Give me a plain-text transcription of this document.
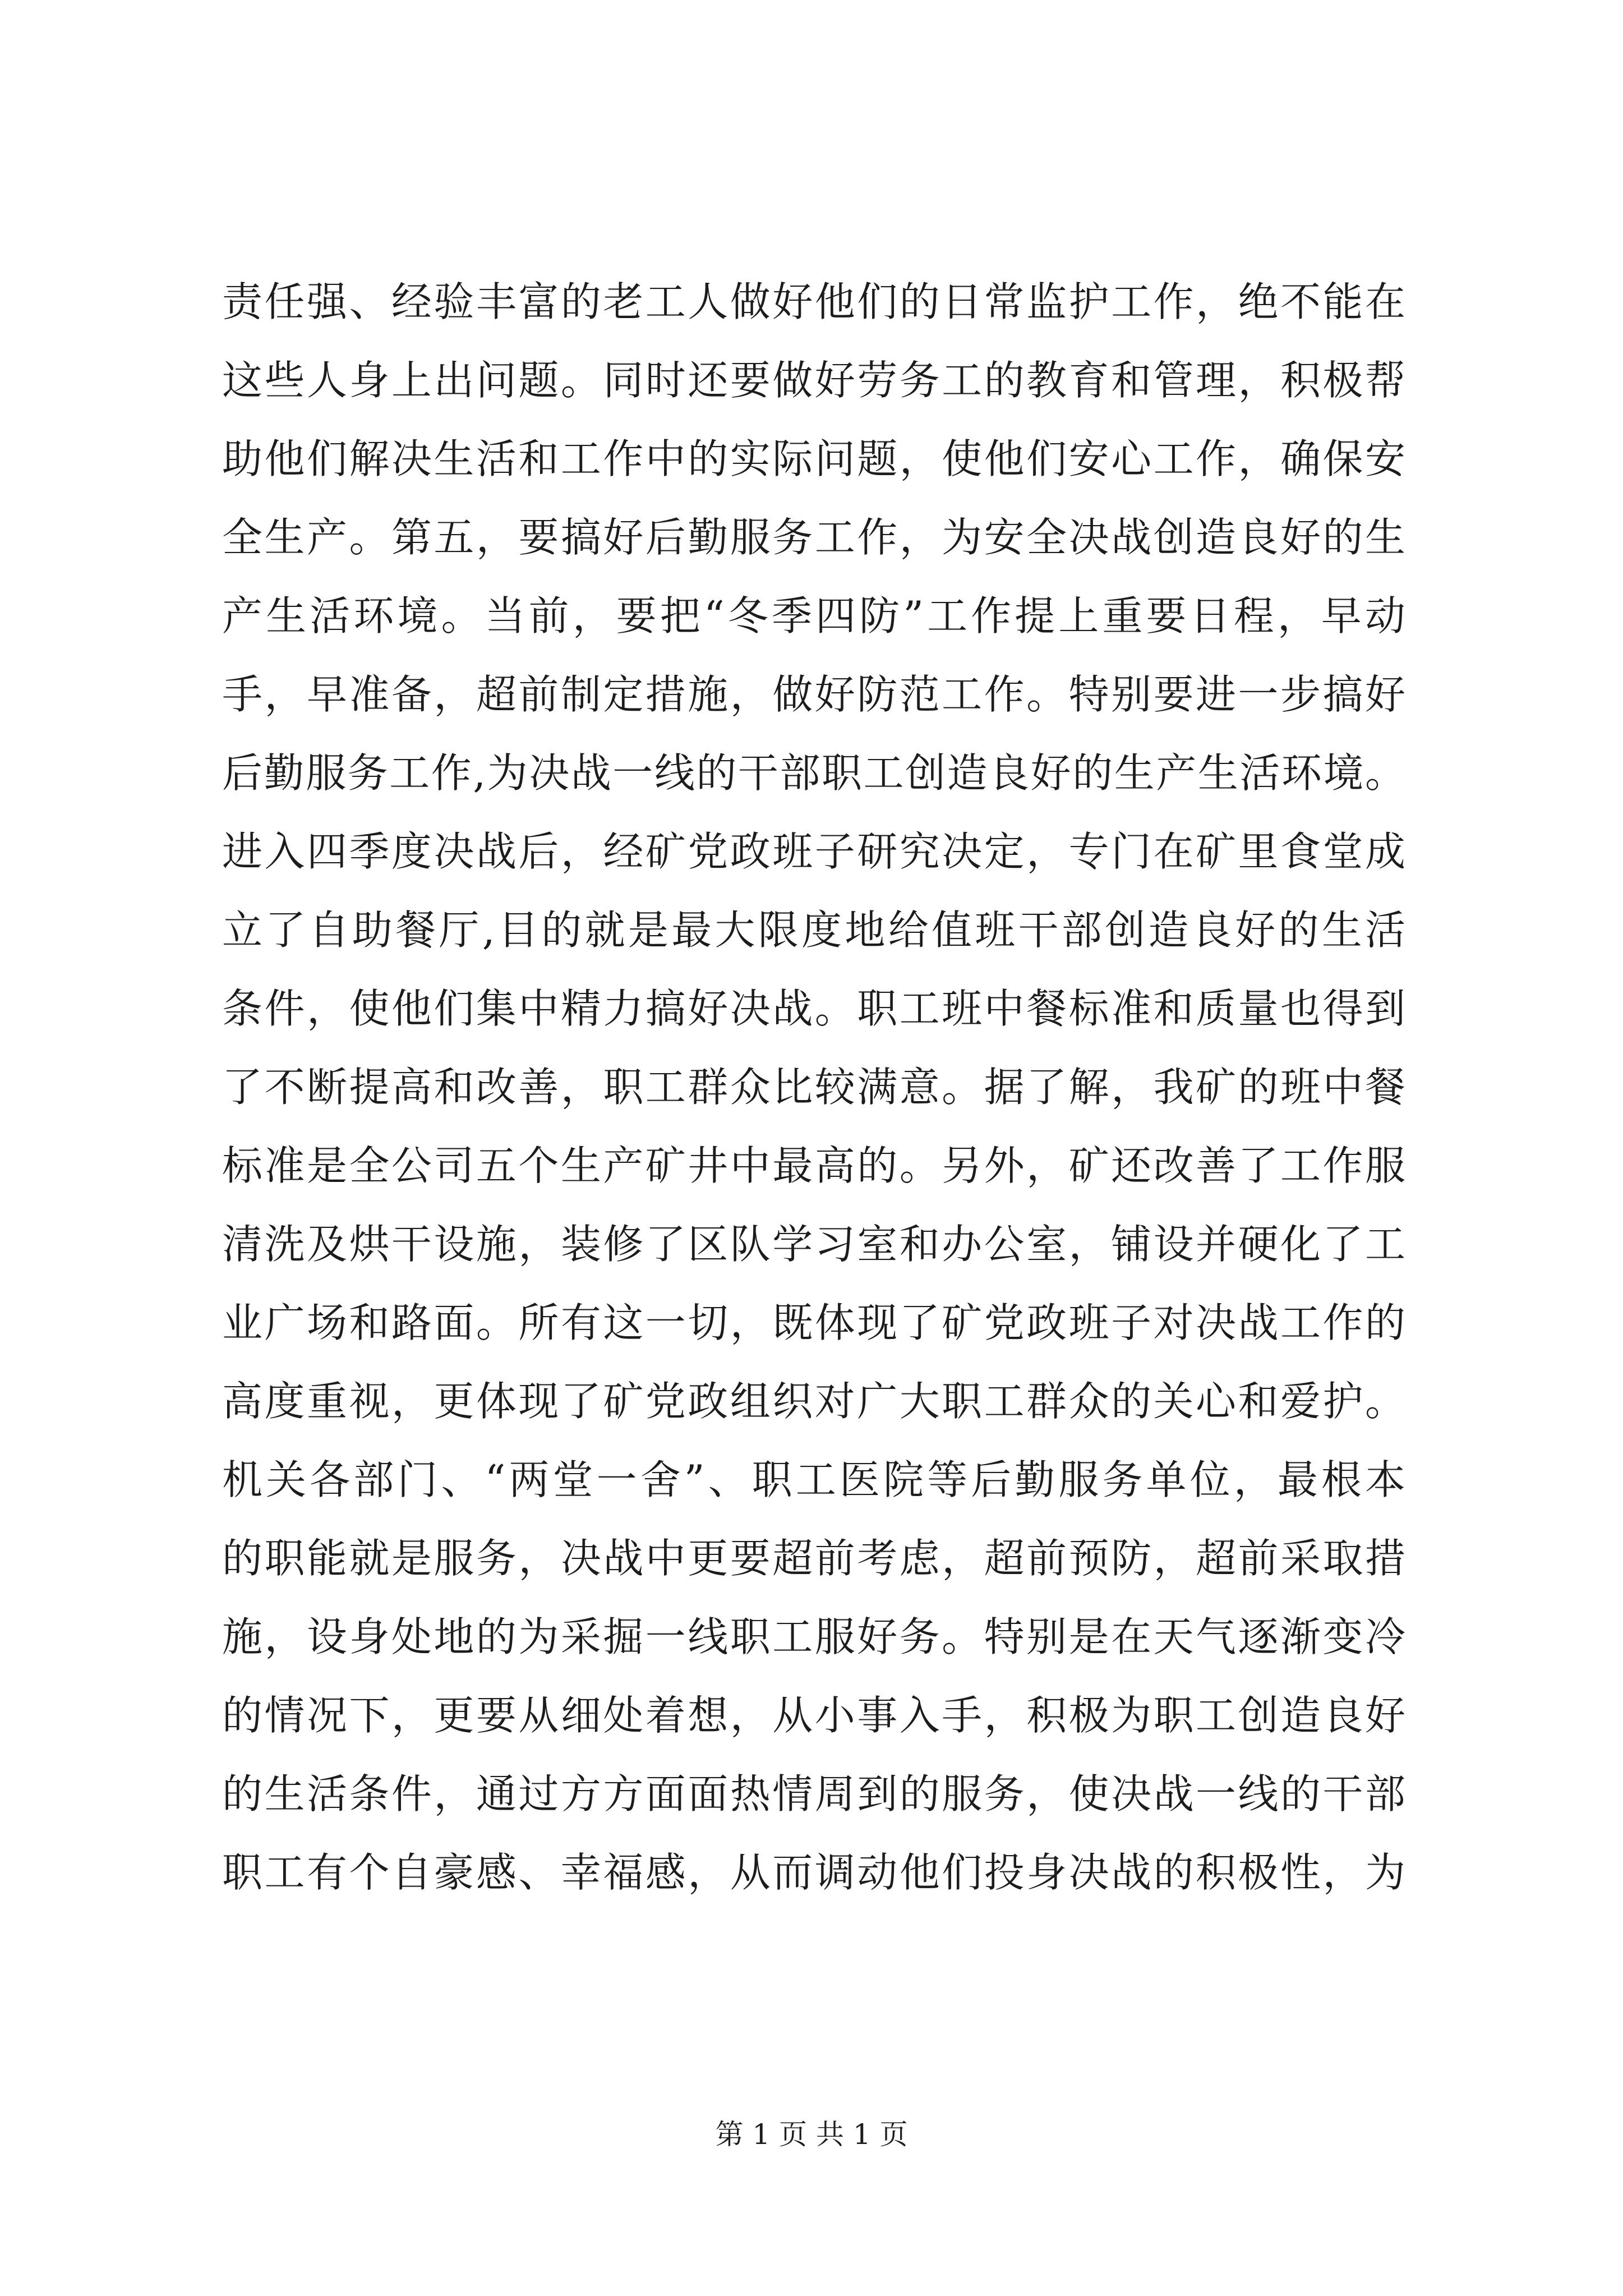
责任强、经验丰富的老工人做好他们的日常监护工作，绝不能在
这些人身上出问题。同时还要做好劳务工的教育和管理，积极帮
助他们解决生活和工作中的实际问题，使他们安心工作，确保安
全生产。第五，要搞好后勤服务工作，为安全决战创造良好的生
产生活环境。当前，要把“冬季四防”工作提上重要日程，早动
手，早准备，超前制定措施，做好防范工作。特别要进一步搞好
后勤服务工作,为决战一线的干部职工创造良好的生产生活环境。
进入四季度决战后，经矿党政班子研究决定，专门在矿里食堂成
立了自助餐厅,目的就是最大限度地给值班干部创造良好的生活
条件，使他们集中精力搞好决战。职工班中餐标准和质量也得到
了不断提高和改善，职工群众比较满意。据了解，我矿的班中餐
标准是全公司五个生产矿井中最高的。另外，矿还改善了工作服
清洗及烘干设施，装修了区队学习室和办公室，铺设并硬化了工
业广场和路面。所有这一切，既体现了矿党政班子对决战工作的
高度重视，更体现了矿党政组织对广大职工群众的关心和爱护。
机关各部门、“两堂一舍”、职工医院等后勤服务单位，最根本
的职能就是服务，决战中更要超前考虑，超前预防，超前采取措
施，设身处地的为采掘一线职工服好务。特别是在天气逐渐变冷
的情况下，更要从细处着想，从小事入手，积极为职工创造良好
的生活条件，通过方方面面热情周到的服务，使决战一线的干部
职工有个自豪感、幸福感，从而调动他们投身决战的积极性，为
第 1 页 共 1 页
